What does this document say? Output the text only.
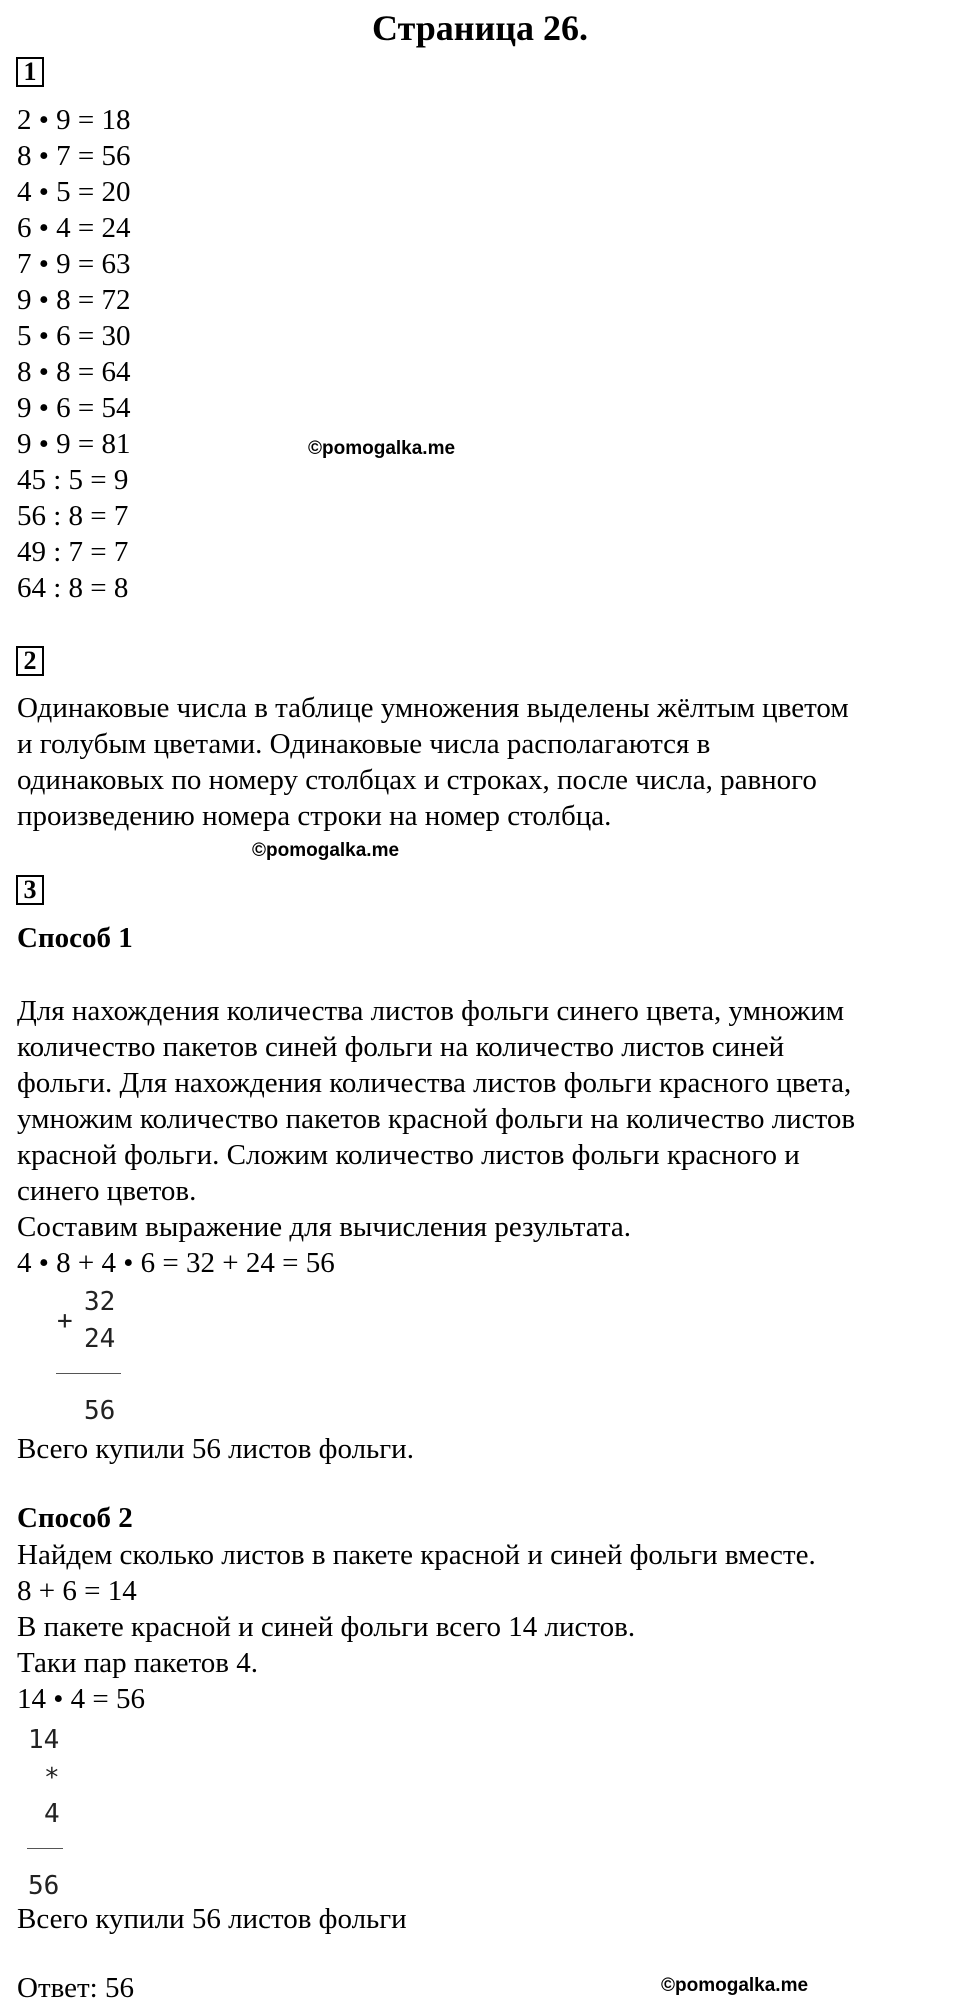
Страница 26.
1
2 • 9 = 18
8 • 7 = 56
4 • 5 = 20
6 • 4 = 24
7 • 9 = 63
9 • 8 = 72
5 • 6 = 30
8 • 8 = 64
9 • 6 = 54
9 • 9 = 81
45 : 5 = 9
56 : 8 = 7
49 : 7 = 7
64 : 8 = 8
©pomogalka.me
2
Одинаковые числа в таблице умножения выделены жёлтым цветом
и голубым цветами. Одинаковые числа располагаются в
одинаковых по номеру столбцах и строках, после числа, равного
произведению номера строки на номер столбца.
©pomogalka.me
3
Способ 1
Для нахождения количества листов фольги синего цвета, умножим
количество пакетов синей фольги на количество листов синей
фольги. Для нахождения количества листов фольги красного цвета,
умножим количество пакетов красной фольги на количество листов
красной фольги. Сложим количество листов фольги красного и
синего цветов.
Составим выражение для вычисления результата.
4 • 8 + 4 • 6 = 32 + 24 = 56
+
32
24
56
Всего купили 56 листов фольги.
Способ 2
Найдем сколько листов в пакете красной и синей фольги вместе.
8 + 6 = 14
В пакете красной и синей фольги всего 14 листов.
Таки пар пакетов 4.
14 • 4 = 56
14
*
4
56
Всего купили 56 листов фольги
Ответ: 56	©pomogalka.me
